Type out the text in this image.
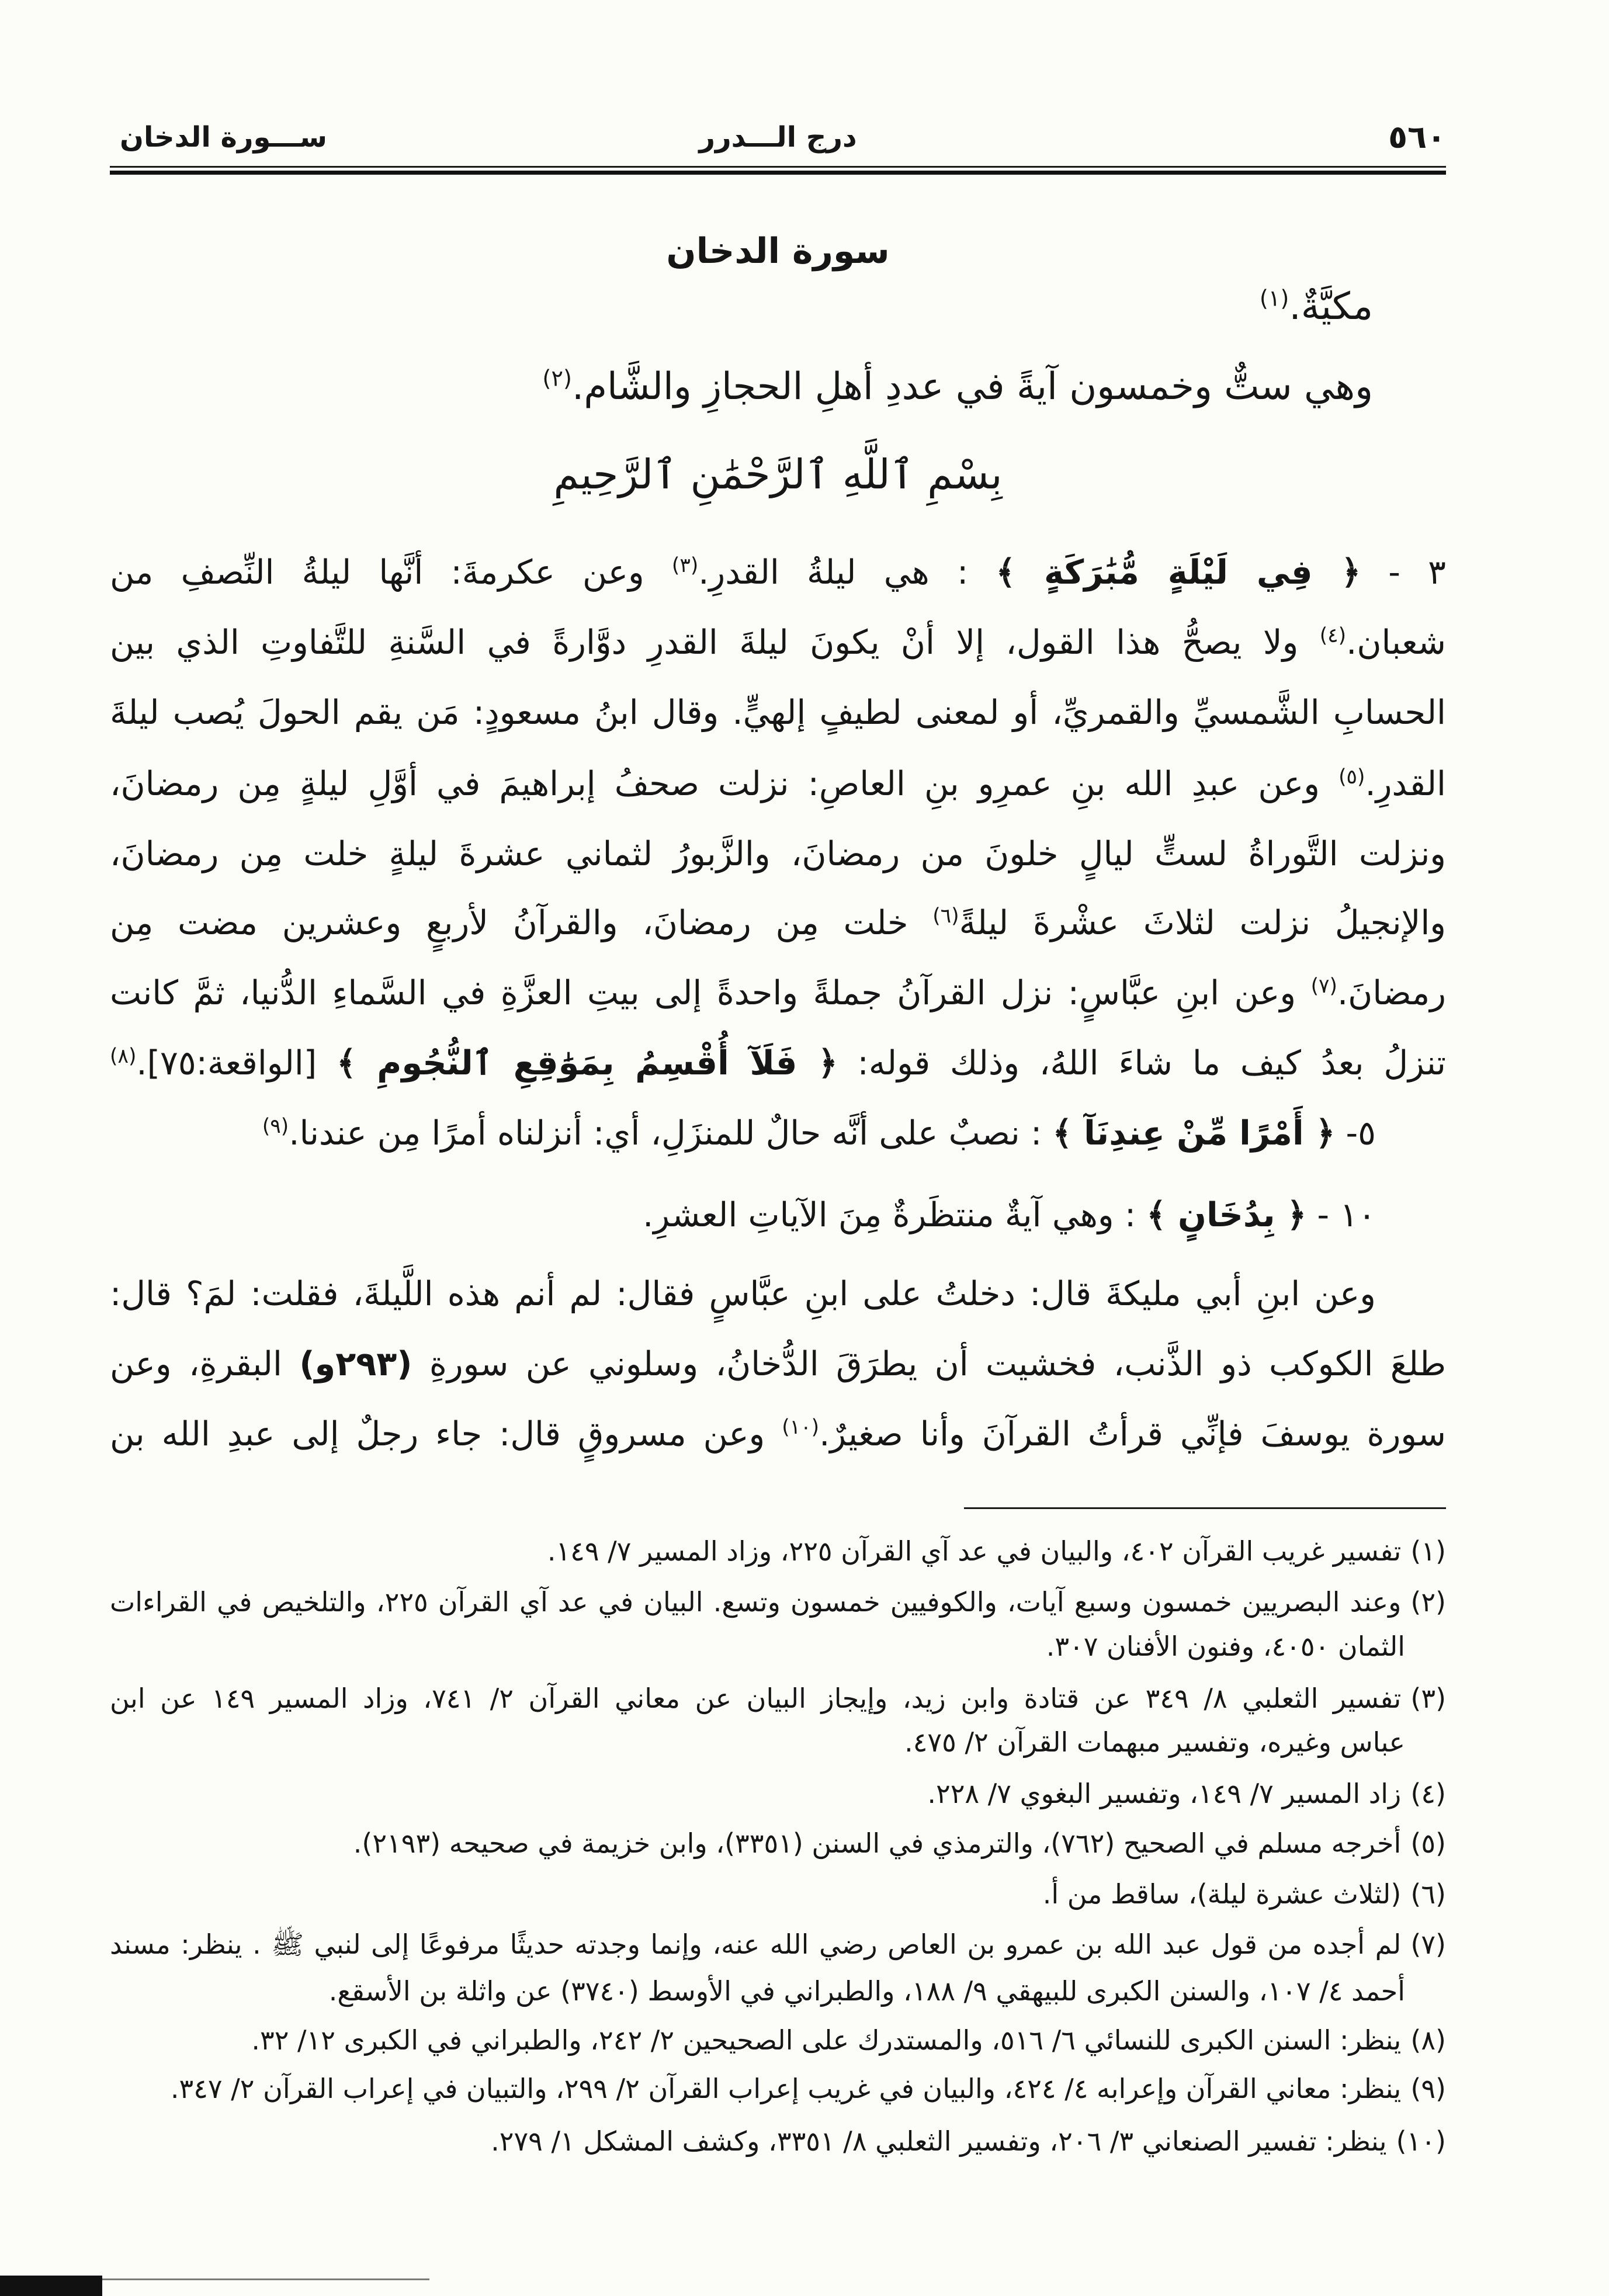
٥٦٠
درج الـــدرر
ســـورة الدخان
سورة الدخان
مكيَّةٌ.$^{(١)}$
وهي ستٌّ وخمسون آيةً في عددِ أهلِ الحجازِ والشَّام.$^{(٢)}$
بِسْمِ ٱللَّهِ ٱلرَّحْمَٰنِ ٱلرَّحِيمِ
٣ - ﴿ فِي لَيْلَةٍ مُّبَٰرَكَةٍ ﴾ : هي ليلةُ القدرِ.$^{(٣)}$ وعن عكرمةَ: أنَّها ليلةُ النِّصفِ من
شعبان.$^{(٤)}$ ولا يصحُّ هذا القول، إلا أنْ يكونَ ليلةَ القدرِ دوَّارةً في السَّنةِ للتَّفاوتِ الذي بين
الحسابِ الشَّمسيِّ والقمريِّ، أو لمعنى لطيفٍ إلهيٍّ. وقال ابنُ مسعودٍ: مَن يقم الحولَ يُصب ليلةَ
القدرِ.$^{(٥)}$ وعن عبدِ الله بنِ عمرِو بنِ العاصِ: نزلت صحفُ إبراهيمَ في أوَّلِ ليلةٍ مِن رمضانَ،
ونزلت التَّوراةُ لستٍّ ليالٍ خلونَ من رمضانَ، والزَّبورُ لثماني عشرةَ ليلةٍ خلت مِن رمضانَ،
والإنجيلُ نزلت لثلاثَ عشْرةَ ليلةً$^{(٦)}$ خلت مِن رمضانَ، والقرآنُ لأربعٍ وعشرين مضت مِن
رمضانَ.$^{(٧)}$ وعن ابنِ عبَّاسٍ: نزل القرآنُ جملةً واحدةً إلى بيتِ العزَّةِ في السَّماءِ الدُّنيا، ثمَّ كانت
تنزلُ بعدُ كيف ما شاءَ اللهُ، وذلك قوله: ﴿ فَلَآ أُقْسِمُ بِمَوَٰقِعِ ٱلنُّجُومِ ﴾ [الواقعة:٧٥].$^{(٨)}$
٥- ﴿ أَمْرًا مِّنْ عِندِنَآ ﴾ : نصبٌ على أنَّه حالٌ للمنزَلِ، أي: أنزلناه أمرًا مِن عندنا.$^{(٩)}$
١٠ - ﴿ بِدُخَانٍ ﴾ : وهي آيةٌ منتظَرةٌ مِنَ الآياتِ العشرِ.
وعن ابنِ أبي مليكةَ قال: دخلتُ على ابنِ عبَّاسٍ فقال: لم أنم هذه اللَّيلةَ، فقلت: لمَ؟ قال:
طلعَ الكوكب ذو الذَّنب، فخشيت أن يطرَقَ الدُّخانُ، وسلوني عن سورةِ (٢٩٣و) البقرةِ، وعن
سورة يوسفَ فإنِّي قرأتُ القرآنَ وأنا صغيرٌ.$^{(١٠)}$ وعن مسروقٍ قال: جاء رجلٌ إلى عبدِ الله بن
(١)تفسير غريب القرآن ٤٠٢، والبيان في عد آي القرآن ٢٢٥، وزاد المسير ٧/ ١٤٩.
(٢)وعند البصريين خمسون وسبع آيات، والكوفيين خمسون وتسع. البيان في عد آي القرآن ٢٢٥، والتلخيص في القراءات
الثمان ٤٠٥٠، وفنون الأفنان ٣٠٧.
(٣)تفسير الثعلبي ٨/ ٣٤٩ عن قتادة وابن زيد، وإيجاز البيان عن معاني القرآن ٢/ ٧٤١، وزاد المسير ١٤٩ عن ابن
عباس وغيره، وتفسير مبهمات القرآن ٢/ ٤٧٥.
(٤)زاد المسير ٧/ ١٤٩، وتفسير البغوي ٧/ ٢٢٨.
(٥)أخرجه مسلم في الصحيح (٧٦٢)، والترمذي في السنن (٣٣٥١)، وابن خزيمة في صحيحه (٢١٩٣).
(٦)(لثلاث عشرة ليلة)، ساقط من أ.
(٧)لم أجده من قول عبد الله بن عمرو بن العاص رضي الله عنه، وإنما وجدته حديثًا مرفوعًا إلى لنبي ﷺ . ينظر: مسند
أحمد ٤/ ١٠٧، والسنن الكبرى للبيهقي ٩/ ١٨٨، والطبراني في الأوسط (٣٧٤٠) عن واثلة بن الأسقع.
(٨)ينظر: السنن الكبرى للنسائي ٦/ ٥١٦، والمستدرك على الصحيحين ٢/ ٢٤٢، والطبراني في الكبرى ١٢/ ٣٢.
(٩)ينظر: معاني القرآن وإعرابه ٤/ ٤٢٤، والبيان في غريب إعراب القرآن ٢/ ٢٩٩، والتبيان في إعراب القرآن ٢/ ٣٤٧.
(١٠)ينظر: تفسير الصنعاني ٣/ ٢٠٦، وتفسير الثعلبي ٨/ ٣٣٥١، وكشف المشكل ١/ ٢٧٩.
